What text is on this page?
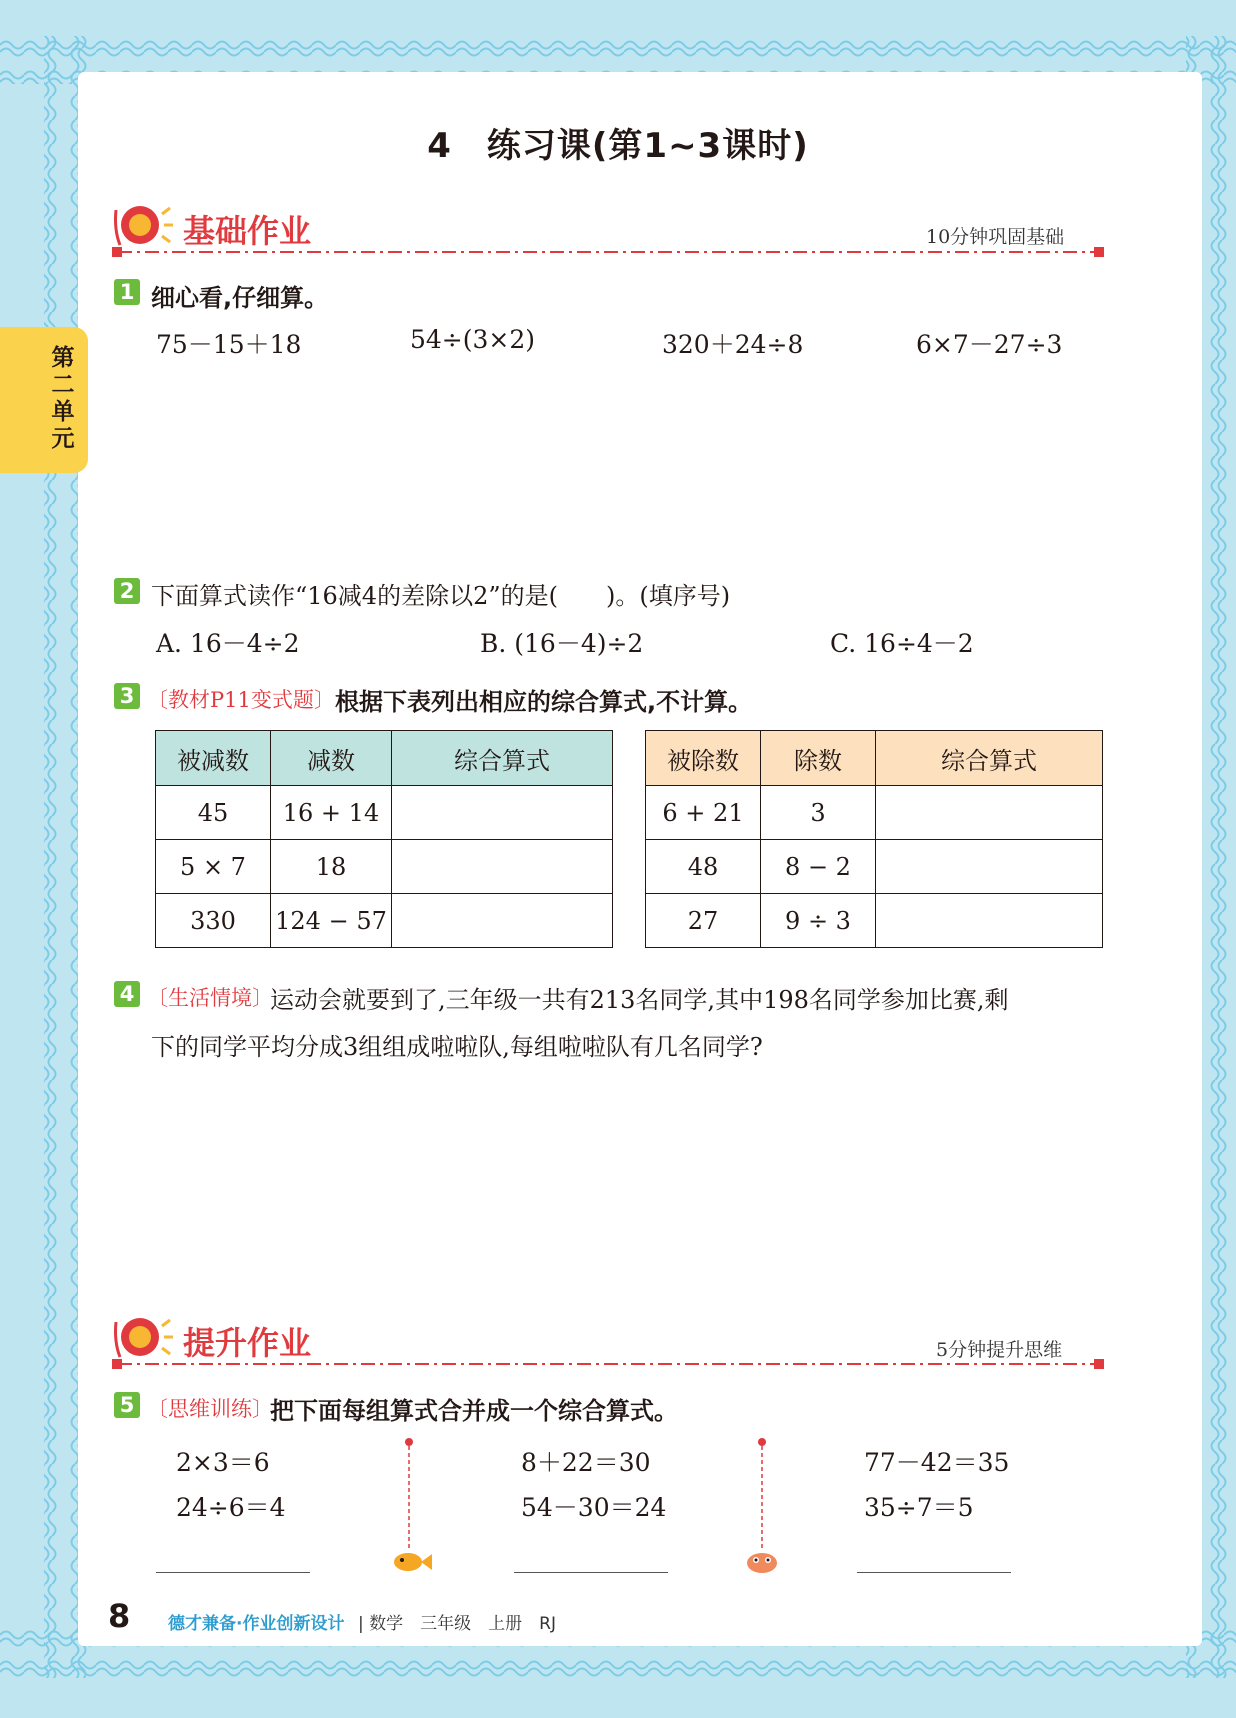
第二单元
4　练习课(第1~3课时)
基础作业	10分钟巩固基础
1 细心看,仔细算。
75－15＋18	54÷(3×2)	320＋24÷8	6×7－27÷3
2 下面算式读作“16减4的差除以2”的是(　　)。(填序号)
A. 16－4÷2	B. (16－4)÷2	C. 16÷4－2
3 〔教材P11变式题〕 根据下表列出相应的综合算式,不计算。
被减数	减数	综合算式
45	16 + 14	
5 × 7	18	
330	124 − 57	
被除数	除数	综合算式
6 + 21	3	
48	8 − 2	
27	9 ÷ 3	
4 〔生活情境〕
运动会就要到了,三年级一共有213名同学,其中198名同学参加比赛,剩
下的同学平均分成3组组成啦啦队,每组啦啦队有几名同学?
提升作业	5分钟提升思维
5 〔思维训练〕
把下面每组算式合并成一个综合算式。
2×3＝6
24÷6＝4
8＋22＝30
54－30＝24
77－42＝35
35÷7＝5
8 德才兼备·作业创新设计 | 数学　三年级　上册　RJ
